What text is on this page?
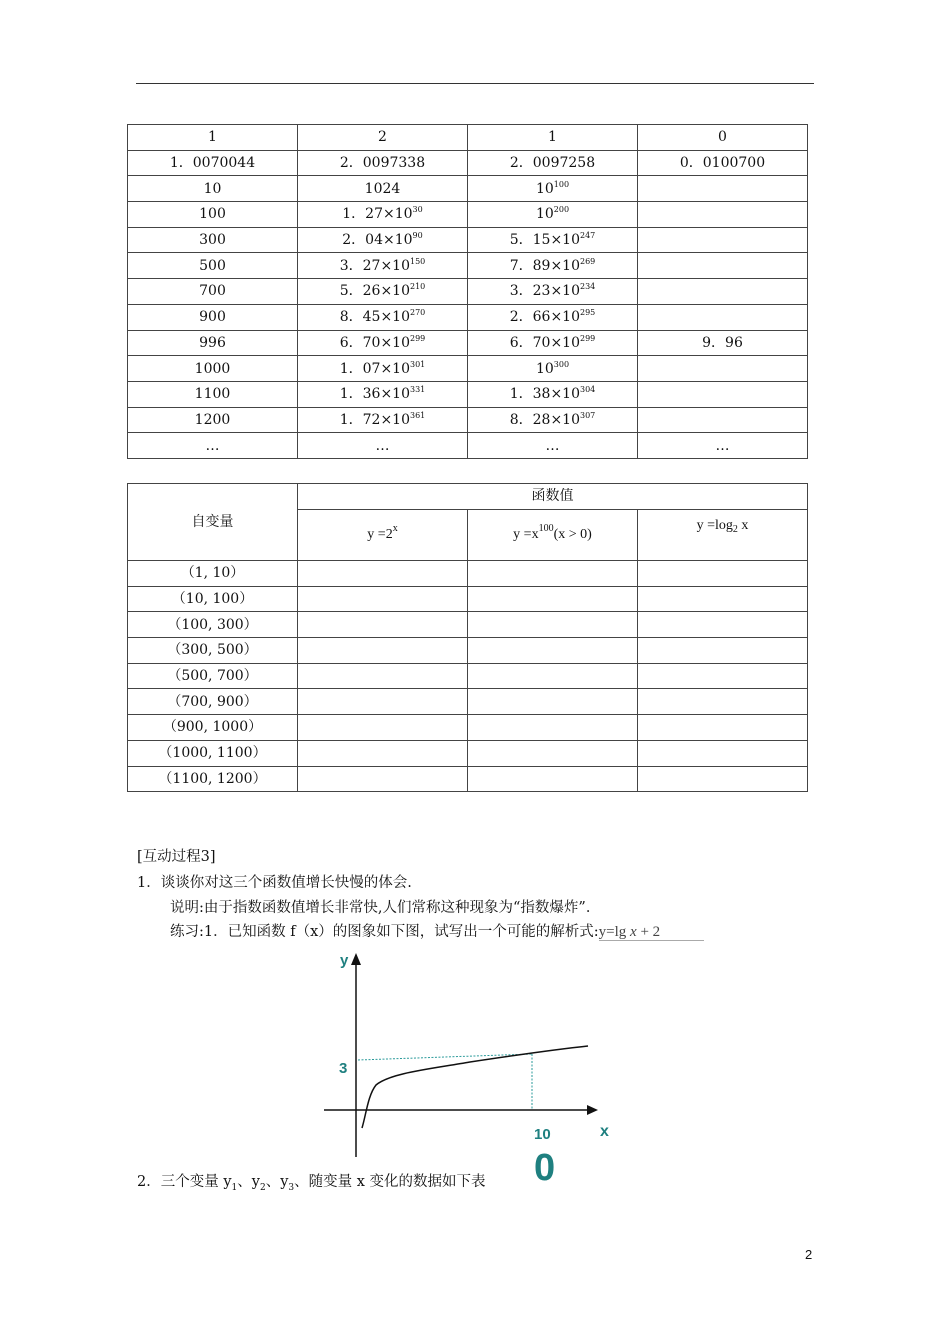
1	2	1	0
1．0070044	2．0097338	2．0097258	0．0100700
10	1024	$10^{100}$	
100	1．$27\times 10^{30}$	$10^{200}$	
300	2．$04\times 10^{90}$	5．$15\times 10^{247}$	
500	3．$27\times 10^{150}$	7．$89\times 10^{269}$	
700	5．$26\times 10^{210}$	3．$23\times 10^{234}$	
900	8．$45\times 10^{270}$	2．$66\times 10^{295}$	
996	6．$70\times 10^{299}$	6．$70\times 10^{299}$	9．96
1000	1．$07\times 10^{301}$	$10^{300}$	
1100	1．$36\times 10^{331}$	1．$38\times 10^{304}$	
1200	1．$72\times 10^{361}$	8．$28\times 10^{307}$	
…	…	…	…
自变量	函数值		
	$y =2^x$	$y =x^{100}(x > 0)$	$y =\log_2$ x
（1, 10）			
（10, 100）			
（100, 300）			
（300, 500）			
（500, 700）			
（700, 900）			
（900, 1000）			
（1000, 1100）			
（1100, 1200）			
[互动过程3]
1．谈谈你对这三个函数值增长快慢的体会.
说明:由于指数函数值增长非常快,人们常称这种现象为“指数爆炸”．
练习:1．已知函数 f（x）的图象如下图，试写出一个可能的解析式:y=lg x + 2
y
x
3
10
0
2．三个变量 $y_1$、$y_2$、$y_3$、随变量 x 变化的数据如下表
2
